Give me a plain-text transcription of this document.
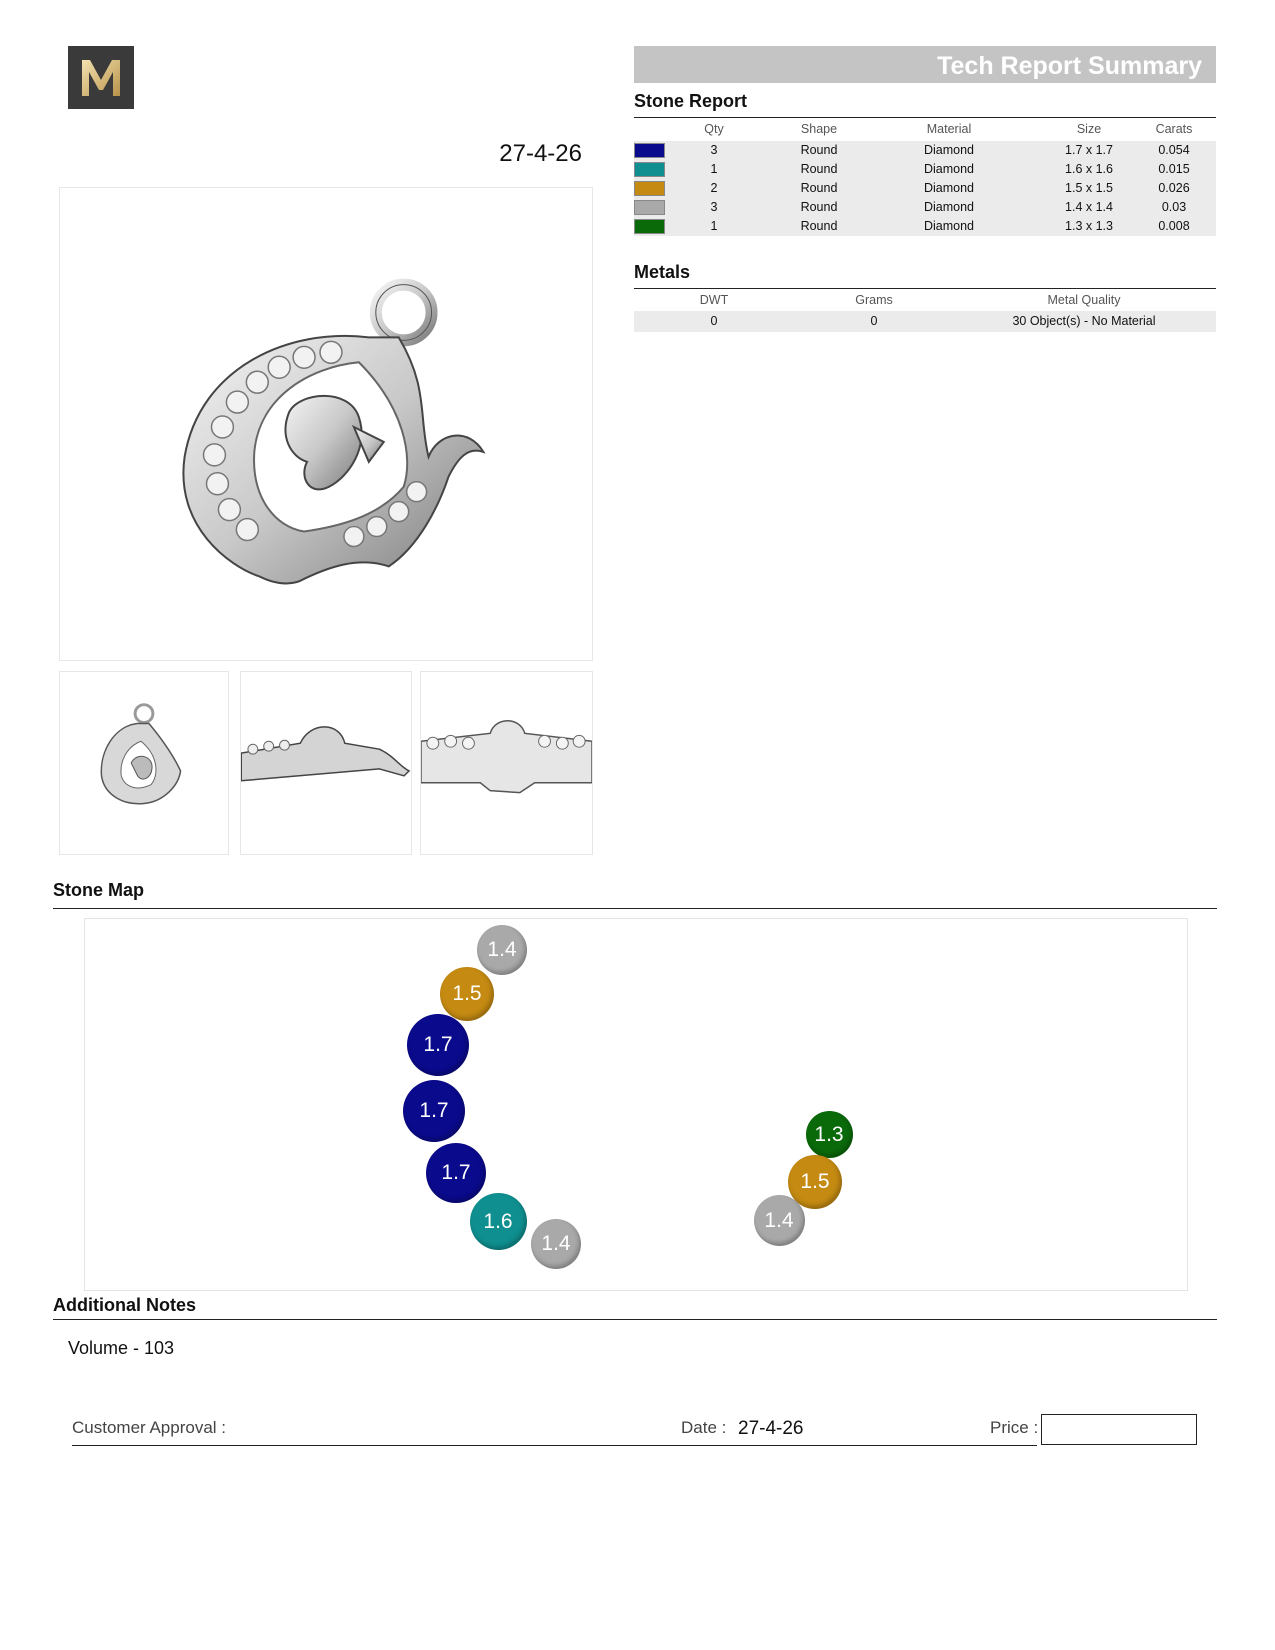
27-4-26
Tech Report Summary
Stone Report
Qty	Shape	Material	Size	Carats
3	Round	Diamond	1.7 x 1.7	0.054
1	Round	Diamond	1.6 x 1.6	0.015
2	Round	Diamond	1.5 x 1.5	0.026
3	Round	Diamond	1.4 x 1.4	0.03
1	Round	Diamond	1.3 x 1.3	0.008
Metals
DWT	Grams	Metal Quality
0	0	30 Object(s) - No Material
Stone Map
1.4
1.5
1.7
1.7
1.7
1.6
1.4
1.3
1.5
1.4
Additional Notes
Volume - 103
Customer Approval :	Date : 27-4-26	Price :
